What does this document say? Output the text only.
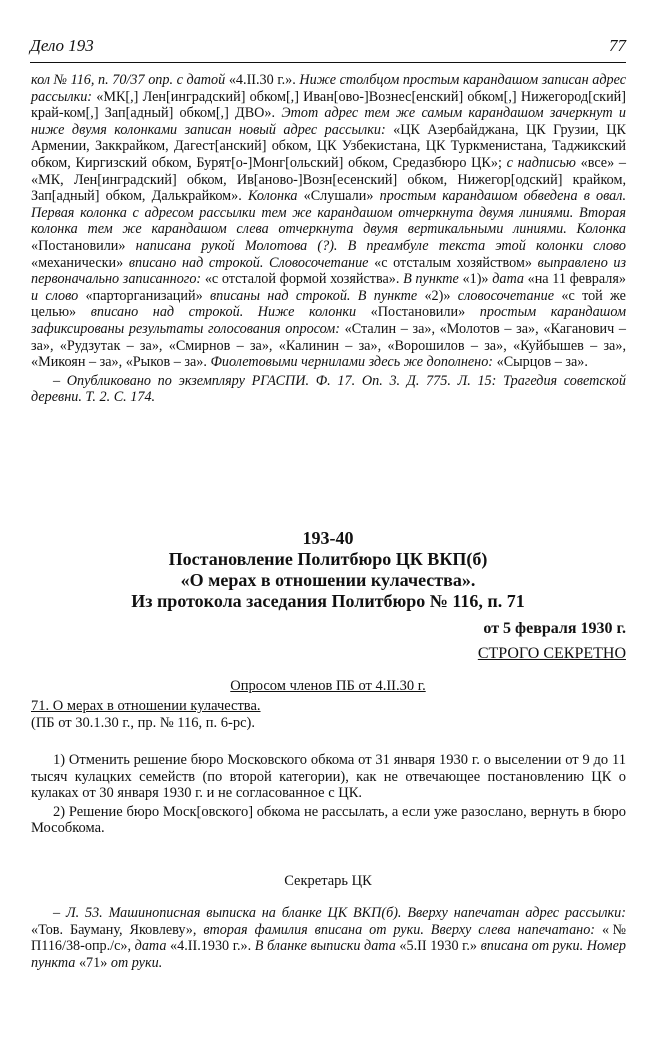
Дело 193	77

кол № 116, п. 70/37 опр. с датой «4.II.30 г.». Ниже столбцом простым карандашом записан адрес рассылки: «МК[,] Лен[инградский] обком[,] Иван[ово-]Вознес[енский] обком[,] Нижегород[ский] край-ком[,] Зап[адный] обком[,] ДВО». Этот адрес тем же самым карандашом зачеркнут и ниже двумя колонками записан новый адрес рассылки: «ЦК Азербайджана, ЦК Грузии, ЦК Армении, Заккрайком, Дагест[анский] обком, ЦК Узбекистана, ЦК Туркменистана, Таджикский обком, Киргизский обком, Бурят[о-]Монг[ольский] обком, Средазбюро ЦК»; с надписью «все» – «МК, Лен[инградский] обком, Ив[аново-]Возн[есенский] обком, Нижегор[одский] крайком, Зап[адный] обком, Далькрайком». Колонка «Слушали» простым карандашом обведена в овал. Первая колонка с адресом рассылки тем же карандашом отчеркнута двумя линиями. Вторая колонка тем же карандашом слева отчеркнута двумя вертикальными линиями. Колонка «Постановили» написана рукой Молотова (?). В преамбуле текста этой колонки слово «механически» вписано над строкой. Словосочетание «с отсталым хозяйством» выправлено из первоначально записанного: «с отсталой формой хозяйства». В пункте «1)» дата «на 11 февраля» и слово «парторганизаций» вписаны над строкой. В пункте «2)» словосочетание «с той же целью» вписано над строкой. Ниже колонки «Постановили» простым карандашом зафиксированы результаты голосования опросом: «Сталин – за», «Молотов – за», «Каганович – за», «Рудзутак – за», «Смирнов – за», «Калинин – за», «Ворошилов – за», «Куйбышев – за», «Микоян – за», «Рыков – за». Фиолетовыми чернилами здесь же дополнено: «Сырцов – за».

– Опубликовано по экземпляру РГАСПИ. Ф. 17. Оп. 3. Д. 775. Л. 15: Трагедия советской деревни. Т. 2. С. 174.

193-40
Постановление Политбюро ЦК ВКП(б)
«О мерах в отношении кулачества».
Из протокола заседания Политбюро № 116, п. 71
от 5 февраля 1930 г.
СТРОГО СЕКРЕТНО
Опросом членов ПБ от 4.II.30 г.
71. О мерах в отношении кулачества.
(ПБ от 30.1.30 г., пр. № 116, п. 6-рс).

1) Отменить решение бюро Московского обкома от 31 января 1930 г. о выселении от 9 до 11 тысяч кулацких семейств (по второй категории), как не отвечающее постановлению ЦК о кулаках от 30 января 1930 г. и не согласованное с ЦК.

2) Решение бюро Моск[овского] обкома не рассылать, а если уже разослано, вернуть в бюро Мособкома.

Секретарь ЦК

– Л. 53. Машинописная выписка на бланке ЦК ВКП(б). Вверху напечатан адрес рассылки: «Тов. Бауману, Яковлеву», вторая фамилия вписана от руки. Вверху слева напечатано: «№ П116/38-опр./с», дата «4.II.1930 г.». В бланке выписки дата «5.II 1930 г.» вписана от руки. Номер пункта «71» от руки.
